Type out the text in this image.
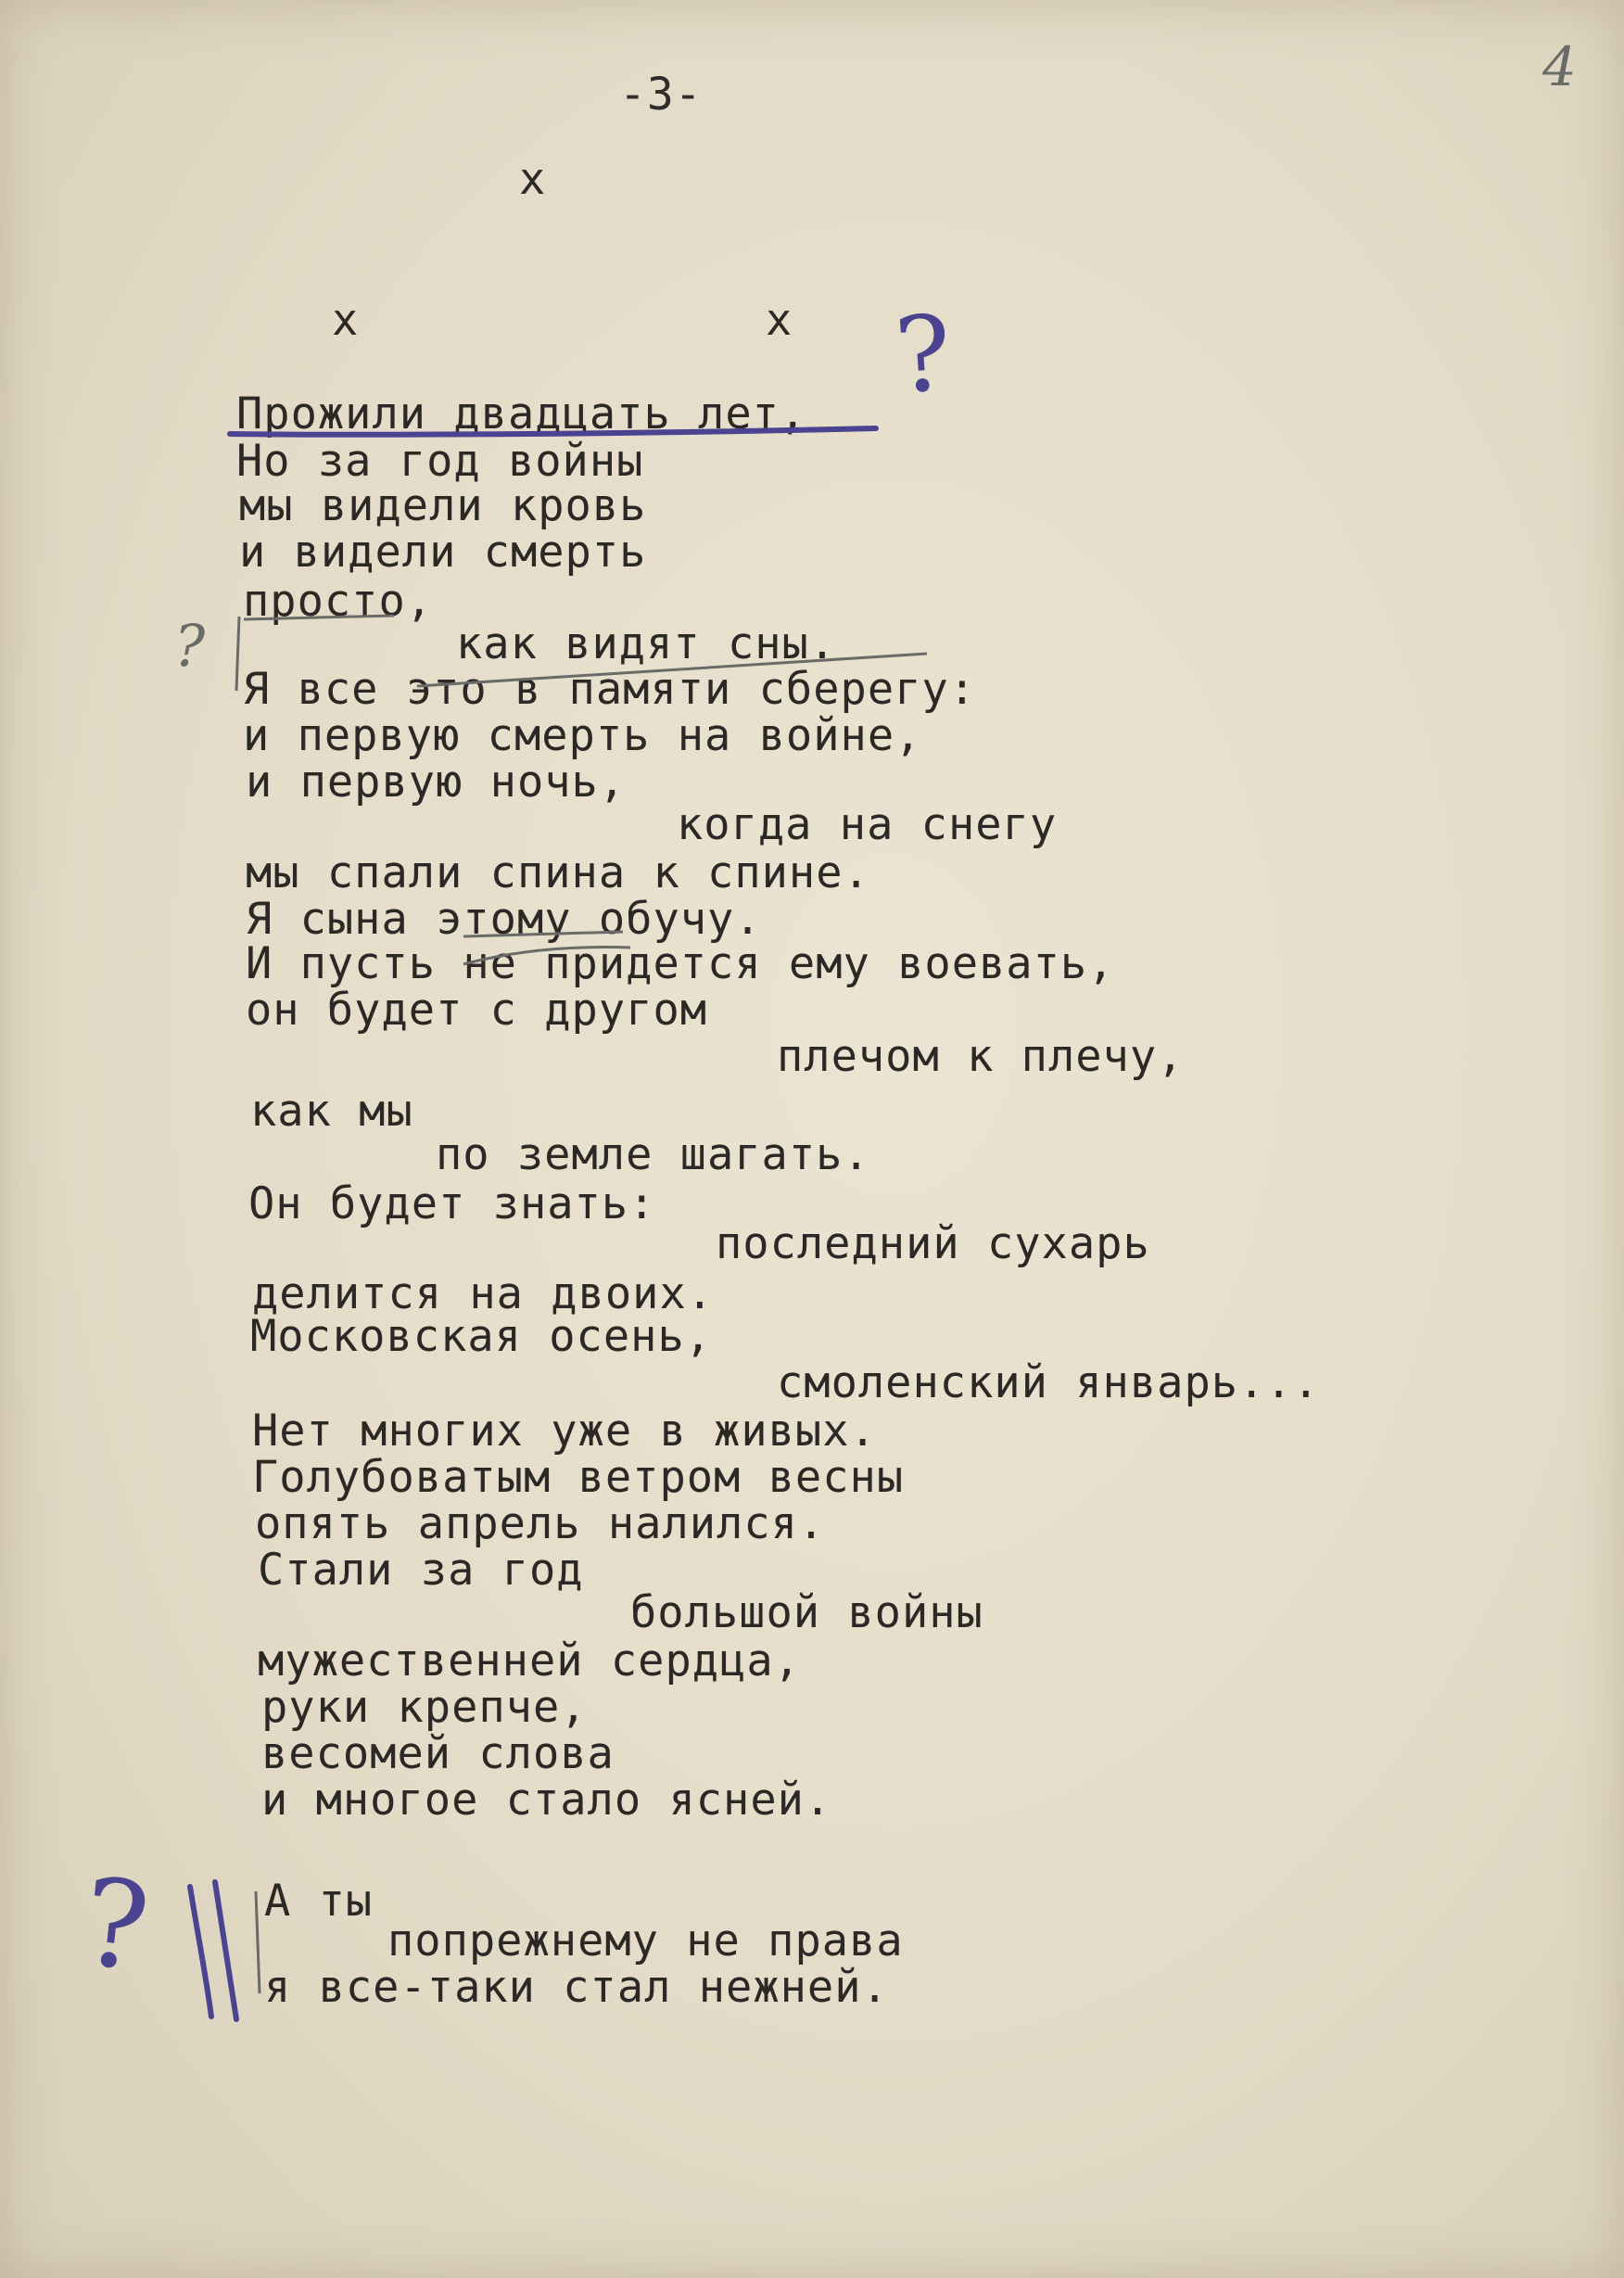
-3-	4
x
x	x
Прожили двадцать лет,
Но за год войны
мы видели кровь
и видели смерть
просто,
как видят сны.
Я все это в памяти сберегу:
и первую смерть на войне,
и первую ночь,
когда на снегу
мы спали спина к спине.
Я сына этому обучу.
И пусть не придется ему воевать,
он будет с другом
плечом к плечу,
как мы
по земле шагать.
Он будет знать:
последний сухарь
делится на двоих.
Московская осень,
смоленский январь...
Нет многих уже в живых.
Голубоватым ветром весны
опять апрель налился.
Стали за год
большой войны
мужественней сердца,
руки крепче,
весомей слова
и многое стало ясней.
А ты
попрежнему не права
я все-таки стал нежней.
?
?
?
